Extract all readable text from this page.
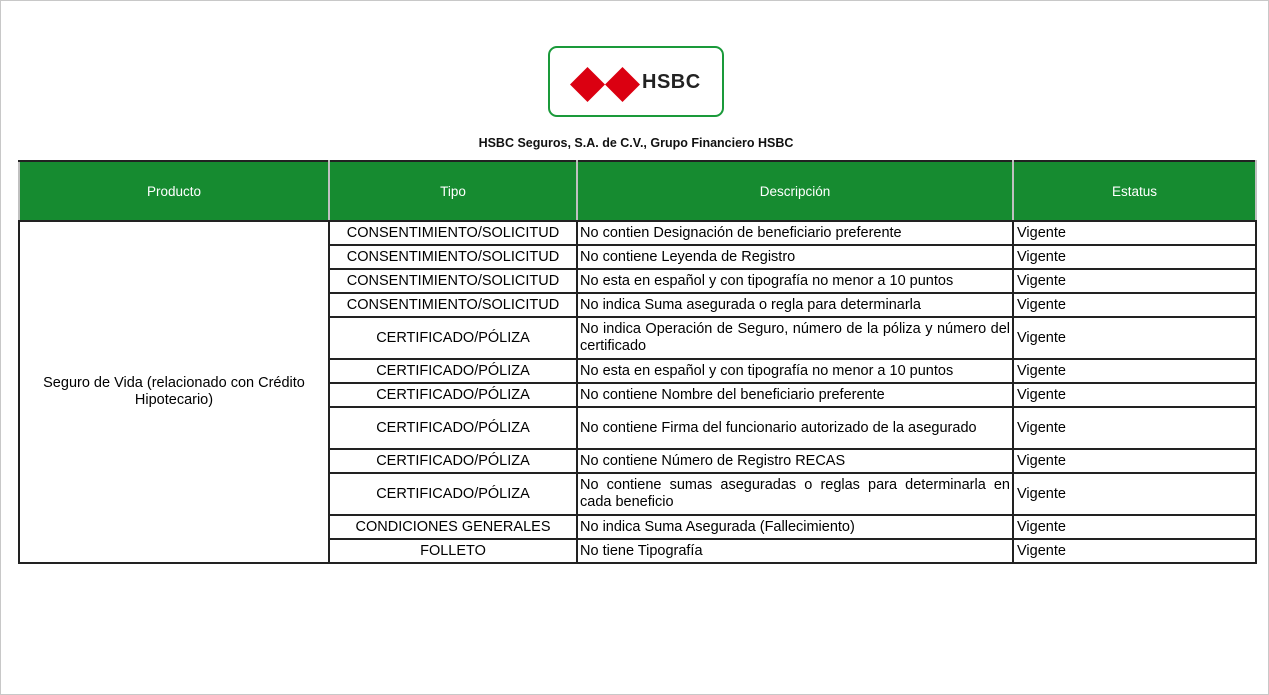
HSBC
HSBC Seguros, S.A. de C.V., Grupo Financiero HSBC
Producto	Tipo	Descripción	Estatus
Seguro de Vida (relacionado con Crédito Hipotecario)	CONSENTIMIENTO/SOLICITUD	No contien Designación de beneficiario preferente	Vigente
	CONSENTIMIENTO/SOLICITUD	No contiene Leyenda de Registro	Vigente
	CONSENTIMIENTO/SOLICITUD	No esta en español y con tipografía no menor a 10 puntos	Vigente
	CONSENTIMIENTO/SOLICITUD	No indica Suma asegurada o regla para determinarla	Vigente
	CERTIFICADO/PÓLIZA	No indica Operación de Seguro, número de la póliza y número del certificado	Vigente
	CERTIFICADO/PÓLIZA	No esta en español y con tipografía no menor a 10 puntos	Vigente
	CERTIFICADO/PÓLIZA	No contiene Nombre del beneficiario preferente	Vigente
	CERTIFICADO/PÓLIZA	No contiene Firma del funcionario autorizado de la asegurado	Vigente
	CERTIFICADO/PÓLIZA	No contiene Número de Registro RECAS	Vigente
	CERTIFICADO/PÓLIZA	No contiene sumas aseguradas o reglas para determinarla en cada beneficio	Vigente
	CONDICIONES GENERALES	No indica Suma Asegurada (Fallecimiento)	Vigente
	FOLLETO	No tiene Tipografía	Vigente
